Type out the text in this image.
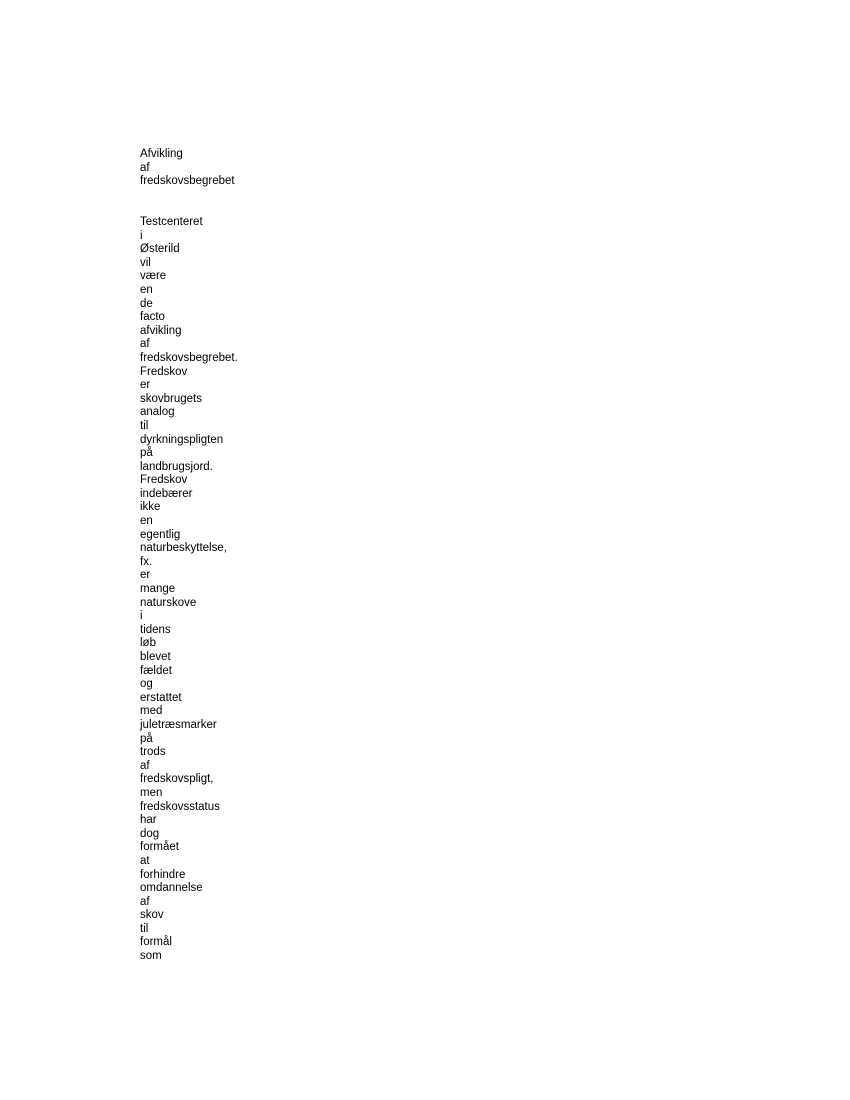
Afvikling
af
fredskovsbegrebet
Testcenteret
i
Østerild
vil
være
en
de
facto
afvikling
af
fredskovsbegrebet.
Fredskov
er
skovbrugets
analog
til
dyrkningspligten
på
landbrugsjord.
Fredskov
indebærer
ikke
en
egentlig
naturbeskyttelse,
fx.
er
mange
naturskove
i
tidens
løb
blevet
fældet
og
erstattet
med
juletræsmarker
på
trods
af
fredskovspligt,
men
fredskovsstatus
har
dog
formået
at
forhindre
omdannelse
af
skov
til
formål
som
